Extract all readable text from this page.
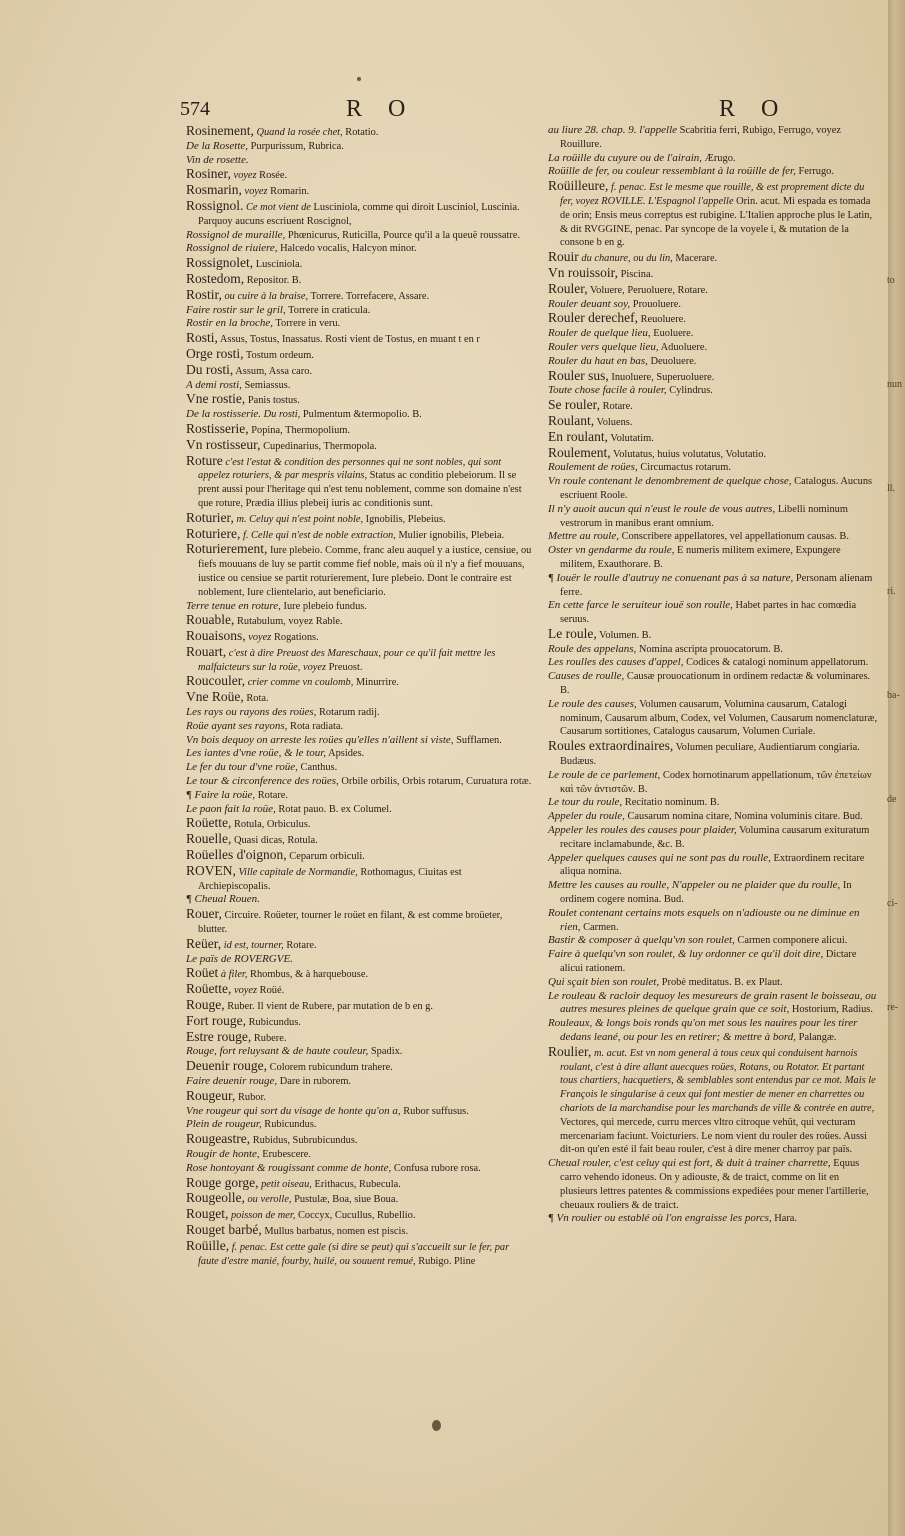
574	R O	R O

Rosinement, Quand la rosée chet, Rotatio.

De la Rosette, Purpurissum, Rubrica.

Vin de rosette.

Rosiner, voyez Rosée.

Rosmarin, voyez Romarin.

Rossignol. Ce mot vient de Lusciniola, comme qui diroit Lusciniol, Luscinia. Parquoy aucuns escriuent Roscignol,

Rossignol de muraille, Phœnicurus, Ruticilla, Pource qu'il a la queuë roussatre.

Rossignol de riuiere, Halcedo vocalis, Halcyon minor.

Rossignolet, Lusciniola.

Rostedom, Repositor. B.

Rostir, ou cuire à la braise, Torrere. Torrefacere, Assare.

Faire rostir sur le gril, Torrere in craticula.

Rostir en la broche, Torrere in veru.

Rosti, Assus, Tostus, Inassatus. Rosti vient de Tostus, en muant t en r

Orge rosti, Tostum ordeum.

Du rosti, Assum, Assa caro.

A demi rosti, Semiassus.

Vne rostie, Panis tostus.

De la rostisserie. Du rosti, Pulmentum &termopolio. B.

Rostisserie, Popina, Thermopolium.

Vn rostisseur, Cupedinarius, Thermopola.

Roture c'est l'estat & condition des personnes qui ne sont nobles, qui sont appelez roturiers, & par mespris vilains, Status ac conditio plebeiorum. Il se prent aussi pour l'heritage qui n'est tenu noblement, comme son domaine n'est que roture, Prædia illius plebeij iuris ac conditionis sunt.

Roturier, m. Celuy qui n'est point noble, Ignobilis, Plebeius.

Roturiere, f. Celle qui n'est de noble extraction, Mulier ignobilis, Plebeia.

Roturierement, Iure plebeio. Comme, franc aleu auquel y a iustice, censiue, ou fiefs mouuans de luy se partit comme fief noble, mais où il n'y a fief mouuans, iustice ou censiue se partit roturierement, Iure plebeio. Dont le contraire est noblement, Iure clientelario, aut beneficiario.

Terre tenue en roture, Iure plebeio fundus.

Rouable, Rutabulum, voyez Rable.

Rouaisons, voyez Rogations.

Rouart, c'est à dire Preuost des Mareschaux, pour ce qu'il fait mettre les malfaicteurs sur la roüe, voyez Preuost.

Roucouler, crier comme vn coulomb, Minurrire.

Vne Roüe, Rota.

Les rays ou rayons des roües, Rotarum radij.

Roüe ayant ses rayons, Rota radiata.

Vn bois dequoy on arreste les roües qu'elles n'aillent si viste, Sufflamen.

Les iantes d'vne roüe, & le tour, Apsides.

Le fer du tour d'vne roüe, Canthus.

Le tour & circonference des roües, Orbile orbilis, Orbis rotarum, Curuatura rotæ.

¶ Faire la roüe, Rotare.

Le paon fait la roüe, Rotat pauo. B. ex Columel.

Roüette, Rotula, Orbiculus.

Rouelle, Quasi dicas, Rotula.

Roüelles d'oignon, Ceparum orbiculi.

ROVEN, Ville capitale de Normandie, Rothomagus, Ciuitas est Archiepiscopalis.

¶ Cheual Rouen.

Rouer, Circuire. Roüeter, tourner le roüet en filant, & est comme broüeter, blutter.

Reüer, id est, tourner, Rotare.

Le païs de ROVERGVE.

Roüet à filer, Rhombus, & à harquebouse.

Roüette, voyez Roüé.

Rouge, Ruber. Il vient de Rubere, par mutation de b en g.

Fort rouge, Rubicundus.

Estre rouge, Rubere.

Rouge, fort reluysant & de haute couleur, Spadix.

Deuenir rouge, Colorem rubicundum trahere.

Faire deuenir rouge, Dare in ruborem.

Rougeur, Rubor.

Vne rougeur qui sort du visage de honte qu'on a, Rubor suffusus.

Plein de rougeur, Rubicundus.

Rougeastre, Rubidus, Subrubicundus.

Rougir de honte, Erubescere.

Rose hontoyant & rougissant comme de honte, Confusa rubore rosa.

Rouge gorge, petit oiseau, Erithacus, Rubecula.

Rougeolle, ou verolle, Pustulæ, Boa, siue Boua.

Rouget, poisson de mer, Coccyx, Cucullus, Rubellio.

Rouget barbé, Mullus barbatus, nomen est piscis.

Roüille, f. penac. Est cette gale (si dire se peut) qui s'accueilt sur le fer, par faute d'estre manié, fourby, huilé, ou souuent remué, Rubigo. Pline

au liure 28. chap. 9. l'appelle Scabritia ferri, Rubigo, Ferrugo, voyez Rouillure.

La roüille du cuyure ou de l'airain, Ærugo.

Roüille de fer, ou couleur ressemblant à la roüille de fer, Ferrugo.

Roüilleure, f. penac. Est le mesme que rouille, & est proprement dicte du fer, voyez ROVILLE. L'Espagnol l'appelle Orin. acut. Mi espada es tomada de orin; Ensis meus correptus est rubigine. L'Italien approche plus le Latin, & dit RVGGINE, penac. Par syncope de la voyele i, & mutation de la consone b en g.

Rouir du chanure, ou du lin, Macerare.

Vn rouissoir, Piscina.

Rouler, Voluere, Peruoluere, Rotare.

Rouler deuant soy, Prouoluere.

Rouler derechef, Reuoluere.

Rouler de quelque lieu, Euoluere.

Rouler vers quelque lieu, Aduoluere.

Rouler du haut en bas, Deuoluere.

Rouler sus, Inuoluere, Superuoluere.

Toute chose facile à rouler, Cylindrus.

Se rouler, Rotare.

Roulant, Voluens.

En roulant, Volutatim.

Roulement, Volutatus, huius volutatus, Volutatio.

Roulement de roües, Circumactus rotarum.

Vn roule contenant le denombrement de quelque chose, Catalogus. Aucuns escriuent Roole.

Il n'y auoit aucun qui n'eust le roule de vous autres, Libelli nominum vestrorum in manibus erant omnium.

Mettre au roule, Conscribere appellatores, vel appellationum causas. B.

Oster vn gendarme du roule, E numeris militem eximere, Expungere militem, Exauthorare. B.

¶ Iouër le roulle d'autruy ne conuenant pas à sa nature, Personam alienam ferre.

En cette farce le seruiteur iouë son roulle, Habet partes in hac comœdia seruus.

Le roule, Volumen. B.

Roule des appelans, Nomina ascripta prouocatorum. B.

Les roulles des causes d'appel, Codices & catalogi nominum appellatorum.

Causes de roulle, Causæ prouocationum in ordinem redactæ & voluminares. B.

Le roule des causes, Volumen causarum, Volumina causarum, Catalogi nominum, Causarum album, Codex, vel Volumen, Causarum nomenclaturæ, Causarum sortitiones, Catalogus causarum, Volumen Curiale.

Roules extraordinaires, Volumen peculiare, Audientiarum congiaria. Budæus.

Le roule de ce parlement, Codex hornotinarum appellationum, τῶν ἐπετείων καὶ τῶν ἀντιστῶν. B.

Le tour du roule, Recitatio nominum. B.

Appeler du roule, Causarum nomina citare, Nomina voluminis citare. Bud.

Appeler les roules des causes pour plaider, Volumina causarum exituratum recitare inclamabunde, &c. B.

Appeler quelques causes qui ne sont pas du roulle, Extraordinem recitare aliqua nomina.

Mettre les causes au roulle, N'appeler ou ne plaider que du roulle, In ordinem cogere nomina. Bud.

Roulet contenant certains mots esquels on n'adiouste ou ne diminue en rien, Carmen.

Bastir & composer à quelqu'vn son roulet, Carmen componere alicui.

Faire à quelqu'vn son roulet, & luy ordonner ce qu'il doit dire, Dictare alicui rationem.

Qui sçait bien son roulet, Probè meditatus. B. ex Plaut.

Le rouleau & racloir dequoy les mesureurs de grain rasent le boisseau, ou autres mesures pleines de quelque grain que ce soit, Hostorium, Radius.

Rouleaux, & longs bois ronds qu'on met sous les nauires pour les tirer dedans leané, ou pour les en retirer; & mettre à bord, Palangæ.

Roulier, m. acut. Est vn nom general à tous ceux qui conduisent harnois roulant, c'est à dire allant auecques roües, Rotans, ou Rotator. Et partant tous chartiers, hacquetiers, & semblables sont entendus par ce mot. Mais le François le singularise à ceux qui font mestier de mener en charrettes ou chariots de la marchandise pour les marchands de ville & contrée en autre, Vectores, qui mercede, curru merces vltro citroque vehũt, qui vecturam mercenariam faciunt. Voicturiers. Le nom vient du rouler des roües. Aussi dit-on qu'en esté il fait beau rouler, c'est à dire mener charroy par païs.

Cheual rouler, c'est celuy qui est fort, & duit à trainer charrette, Equus carro vehendo idoneus. On y adiouste, & de traict, comme on lit en plusieurs lettres patentes & commissions expediées pour mener l'artillerie, cheuaux rouliers & de traict.

¶ Vn roulier ou establé où l'on engraisse les porcs, Hara.

to
nun
ll.
ri.
ba-
de
ci-
re-
